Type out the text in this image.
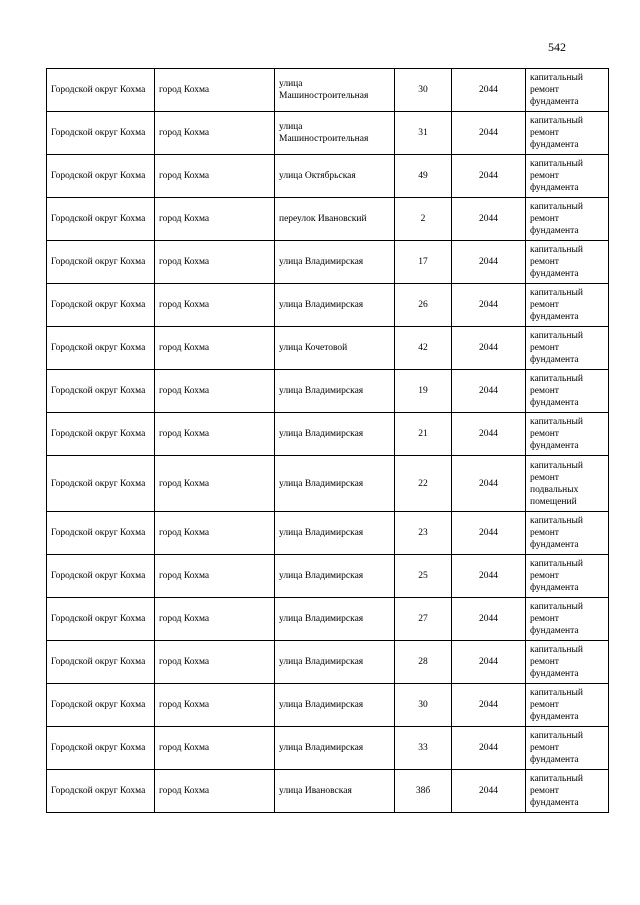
542
Городской округ Кохма	город Кохма	улица Машиностроительная	30	2044	капитальный ремонт фундамента
Городской округ Кохма	город Кохма	улица Машиностроительная	31	2044	капитальный ремонт фундамента
Городской округ Кохма	город Кохма	улица Октябрьская	49	2044	капитальный ремонт фундамента
Городской округ Кохма	город Кохма	переулок Ивановский	2	2044	капитальный ремонт фундамента
Городской округ Кохма	город Кохма	улица Владимирская	17	2044	капитальный ремонт фундамента
Городской округ Кохма	город Кохма	улица Владимирская	26	2044	капитальный ремонт фундамента
Городской округ Кохма	город Кохма	улица Кочетовой	42	2044	капитальный ремонт фундамента
Городской округ Кохма	город Кохма	улица Владимирская	19	2044	капитальный ремонт фундамента
Городской округ Кохма	город Кохма	улица Владимирская	21	2044	капитальный ремонт фундамента
Городской округ Кохма	город Кохма	улица Владимирская	22	2044	капитальный ремонт подвальных помещений
Городской округ Кохма	город Кохма	улица Владимирская	23	2044	капитальный ремонт фундамента
Городской округ Кохма	город Кохма	улица Владимирская	25	2044	капитальный ремонт фундамента
Городской округ Кохма	город Кохма	улица Владимирская	27	2044	капитальный ремонт фундамента
Городской округ Кохма	город Кохма	улица Владимирская	28	2044	капитальный ремонт фундамента
Городской округ Кохма	город Кохма	улица Владимирская	30	2044	капитальный ремонт фундамента
Городской округ Кохма	город Кохма	улица Владимирская	33	2044	капитальный ремонт фундамента
Городской округ Кохма	город Кохма	улица Ивановская	38б	2044	капитальный ремонт фундамента
